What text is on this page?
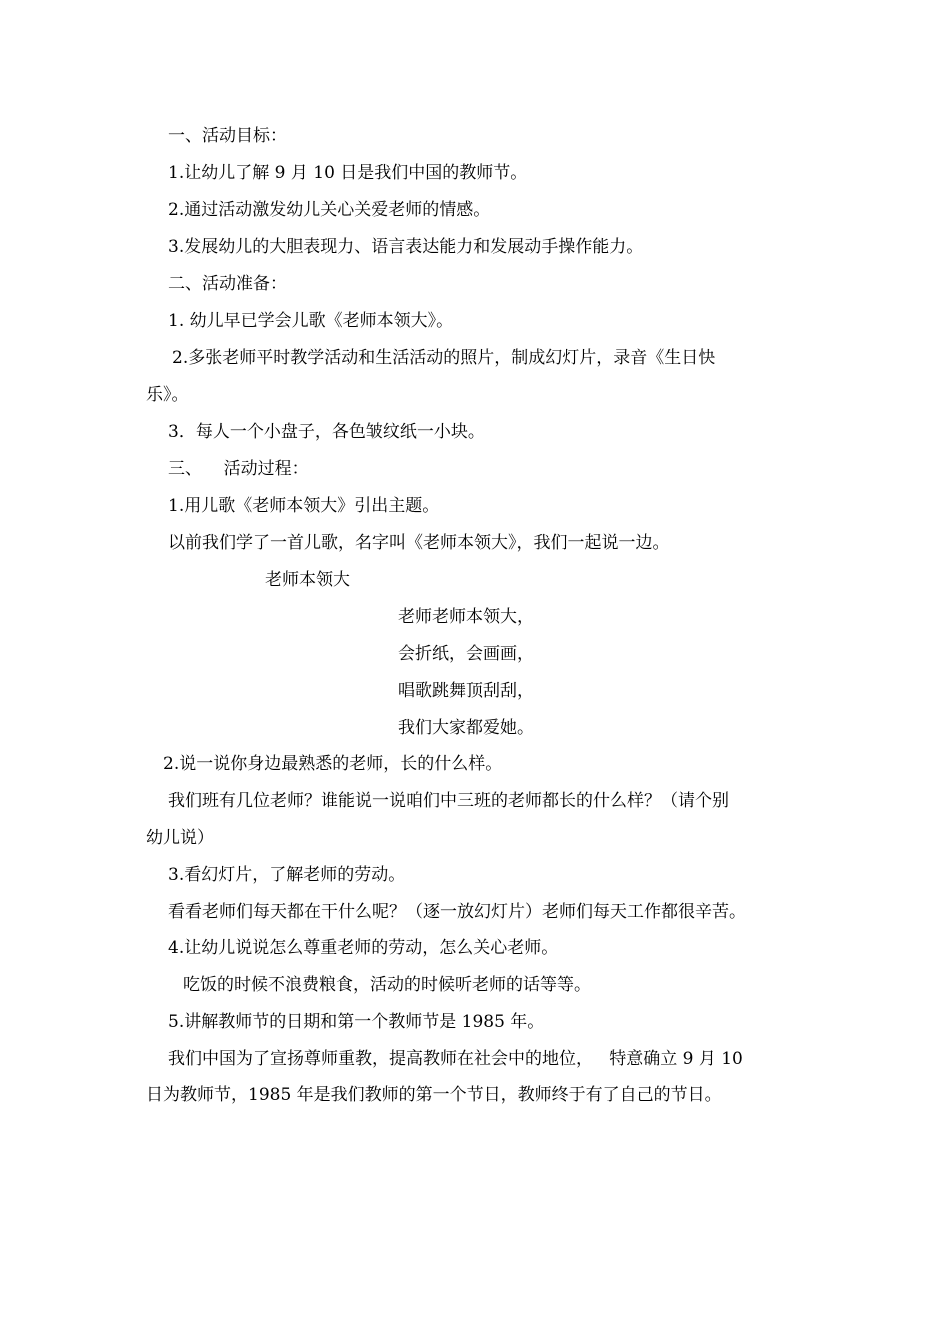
一、活动目标：
1.让幼儿了解 9 月 10 日是我们中国的教师节。
2.通过活动激发幼儿关心关爱老师的情感。
3.发展幼儿的大胆表现力、语言表达能力和发展动手操作能力。
二、活动准备：
1. 幼儿早已学会儿歌《老师本领大》。
2.多张老师平时教学活动和生活活动的照片，制成幻灯片，录音《生日快
乐》。
3．每人一个小盘子，各色皱纹纸一小块。
三、    活动过程：
1.用儿歌《老师本领大》引出主题。
以前我们学了一首儿歌，名字叫《老师本领大》，我们一起说一边。
老师本领大
老师老师本领大，
会折纸，会画画，
唱歌跳舞顶刮刮，
我们大家都爱她。
2.说一说你身边最熟悉的老师，长的什么样。
我们班有几位老师？谁能说一说咱们中三班的老师都长的什么样？（请个别
幼儿说）
3.看幻灯片，了解老师的劳动。
看看老师们每天都在干什么呢？（逐一放幻灯片）老师们每天工作都很辛苦。
4.让幼儿说说怎么尊重老师的劳动，怎么关心老师。
吃饭的时候不浪费粮食，活动的时候听老师的话等等。
5.讲解教师节的日期和第一个教师节是 1985 年。
我们中国为了宣扬尊师重教，提高教师在社会中的地位，   特意确立 9 月 10
日为教师节，1985 年是我们教师的第一个节日，教师终于有了自己的节日。
